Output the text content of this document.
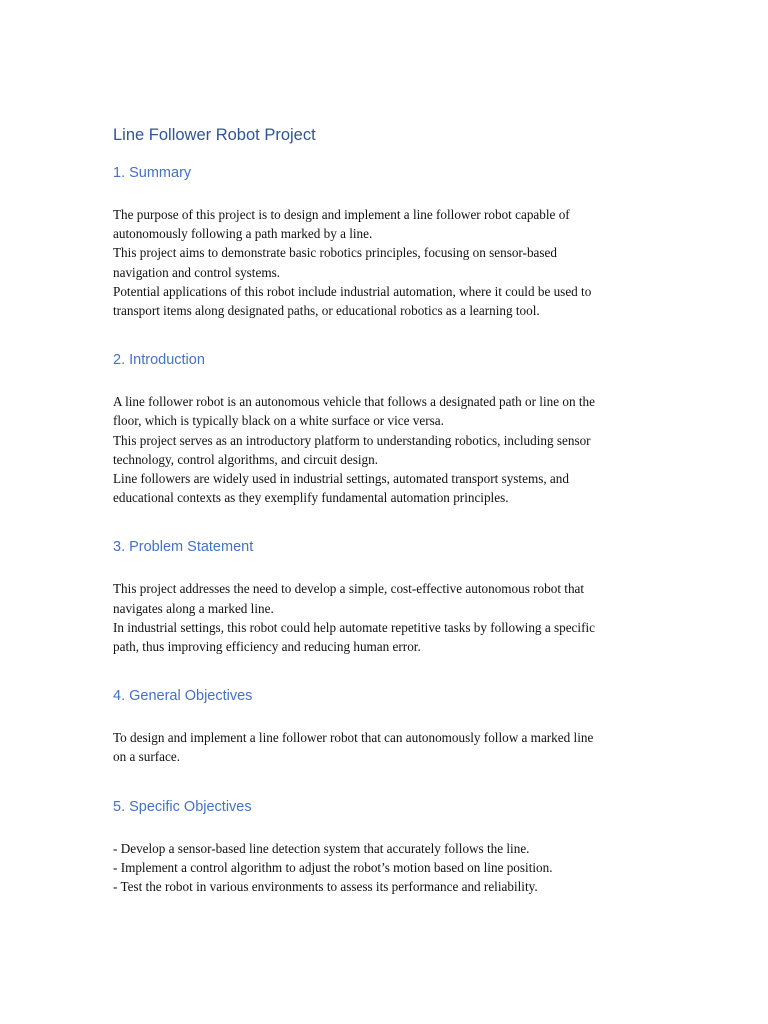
Line Follower Robot Project
1. Summary

The purpose of this project is to design and implement a line follower robot capable of
autonomously following a path marked by a line.
This project aims to demonstrate basic robotics principles, focusing on sensor-based
navigation and control systems.
Potential applications of this robot include industrial automation, where it could be used to
transport items along designated paths, or educational robotics as a learning tool.

2. Introduction

A line follower robot is an autonomous vehicle that follows a designated path or line on the
floor, which is typically black on a white surface or vice versa.
This project serves as an introductory platform to understanding robotics, including sensor
technology, control algorithms, and circuit design.
Line followers are widely used in industrial settings, automated transport systems, and
educational contexts as they exemplify fundamental automation principles.

3. Problem Statement

This project addresses the need to develop a simple, cost-effective autonomous robot that
navigates along a marked line.
In industrial settings, this robot could help automate repetitive tasks by following a specific
path, thus improving efficiency and reducing human error.

4. General Objectives

To design and implement a line follower robot that can autonomously follow a marked line
on a surface.

5. Specific Objectives

- Develop a sensor-based line detection system that accurately follows the line.
- Implement a control algorithm to adjust the robot’s motion based on line position.
- Test the robot in various environments to assess its performance and reliability.
